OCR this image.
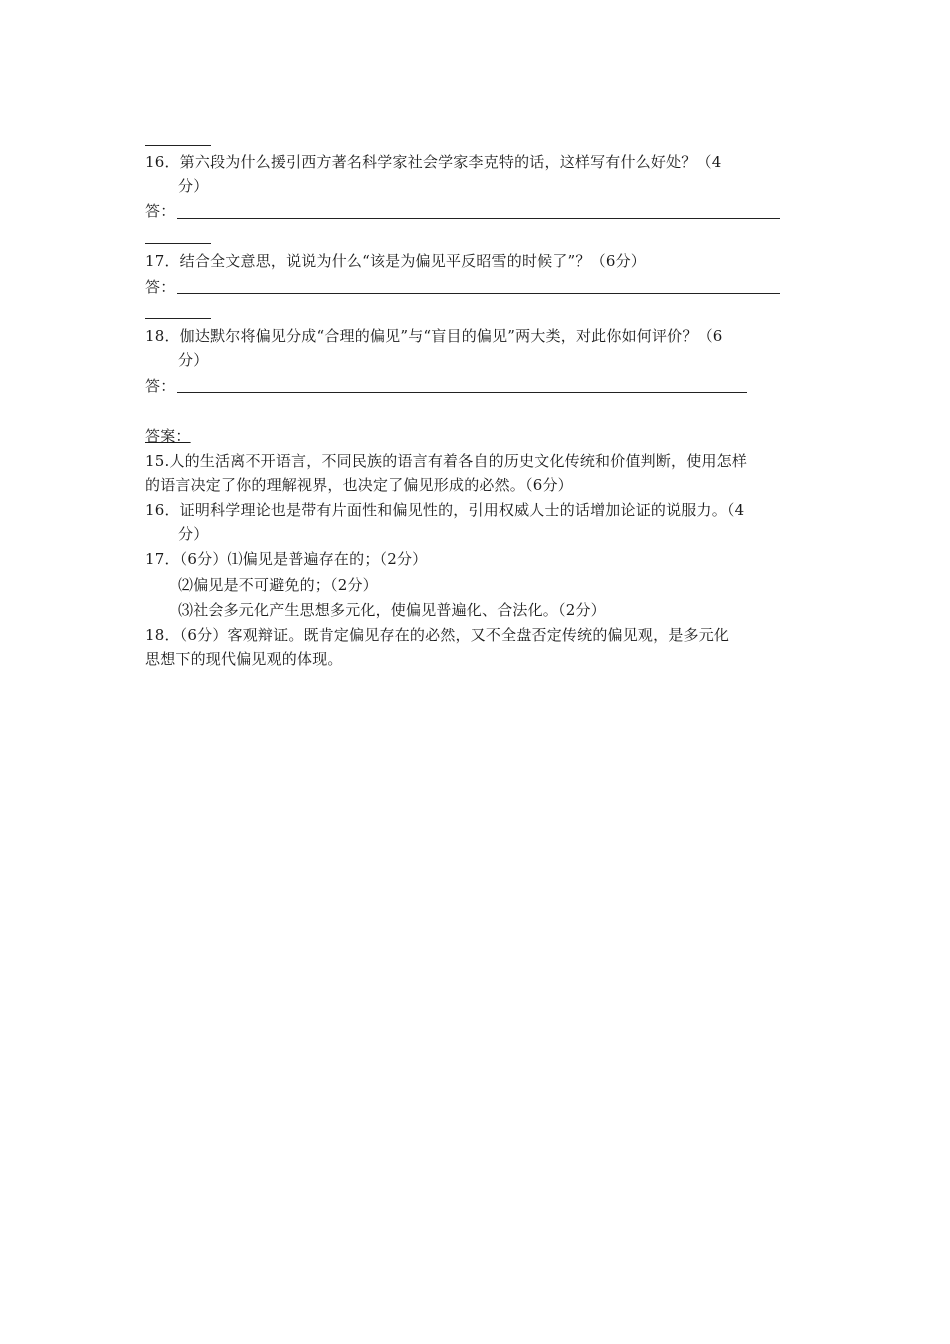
16．第六段为什么援引西方著名科学家社会学家李克特的话，这样写有什么好处？（4
分）
答：
17．结合全文意思，说说为什么“该是为偏见平反昭雪的时候了”？（6分）
答：
18．伽达默尔将偏见分成“合理的偏见”与“盲目的偏见”两大类，对此你如何评价？（6
分）
答：
答案：
15.人的生活离不开语言，不同民族的语言有着各自的历史文化传统和价值判断，使用怎样
的语言决定了你的理解视界，也决定了偏见形成的必然。（6分）
16．证明科学理论也是带有片面性和偏见性的，引用权威人士的话增加论证的说服力。（4
分）
17．（6分）⑴偏见是普遍存在的；（2分）
⑵偏见是不可避免的；（2分）
⑶社会多元化产生思想多元化，使偏见普遍化、合法化。（2分）
18．（6分）客观辩证。既肯定偏见存在的必然，又不全盘否定传统的偏见观，是多元化
思想下的现代偏见观的体现。
